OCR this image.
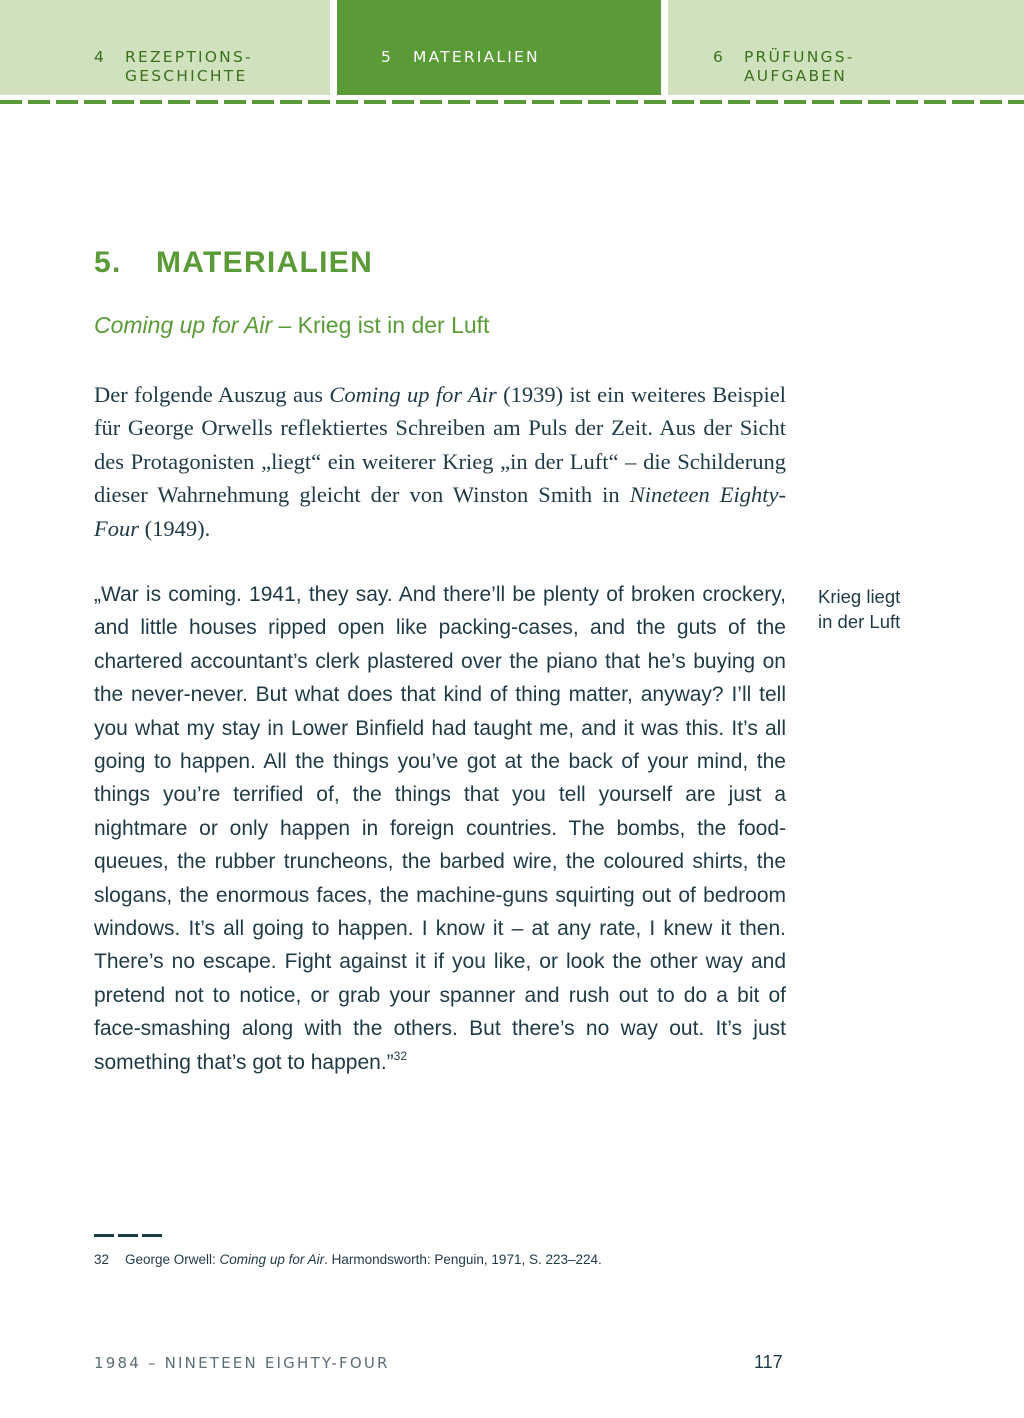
4 REZEPTIONS-
GESCHICHTE
5 MATERIALIEN	6 PRÜFUNGS-
AUFGABEN
5. MATERIALIEN
Coming up for Air – Krieg ist in der Luft

Der folgende Auszug aus Coming up for Air (1939) ist ein weiteres Beispiel für George Orwells reflektiertes Schreiben am Puls der Zeit. Aus der Sicht des Protagonisten „liegt“ ein weiterer Krieg „in der Luft“ – die Schilderung dieser Wahrnehmung gleicht der von Winston Smith in Nineteen Eighty-Four (1949).

„War is coming. 1941, they say. And there’ll be plenty of broken crockery, and little houses ripped open like packing-cases, and the guts of the chartered accountant’s clerk plastered over the piano that he’s buying on the never-never. But what does that kind of thing matter, anyway? I’ll tell you what my stay in Lower Binfield had taught me, and it was this. It’s all going to happen. All the things you’ve got at the back of your mind, the things you’re terrified of, the things that you tell yourself are just a nightmare or only happen in foreign countries. The bombs, the food-queues, the rubber truncheons, the barbed wire, the coloured shirts, the slogans, the enormous faces, the machine-guns squirting out of bedroom windows. It’s all going to happen. I know it – at any rate, I knew it then. There’s no escape. Fight against it if you like, or look the other way and pretend not to notice, or grab your spanner and rush out to do a bit of face-smashing along with the others. But there’s no way out. It’s just something that’s got to happen.”$^{32}$

Krieg liegt
in der Luft
32 George Orwell: Coming up for Air. Harmondsworth: Penguin, 1971, S. 223–224.
1984 – NINETEEN EIGHTY-FOUR	117
